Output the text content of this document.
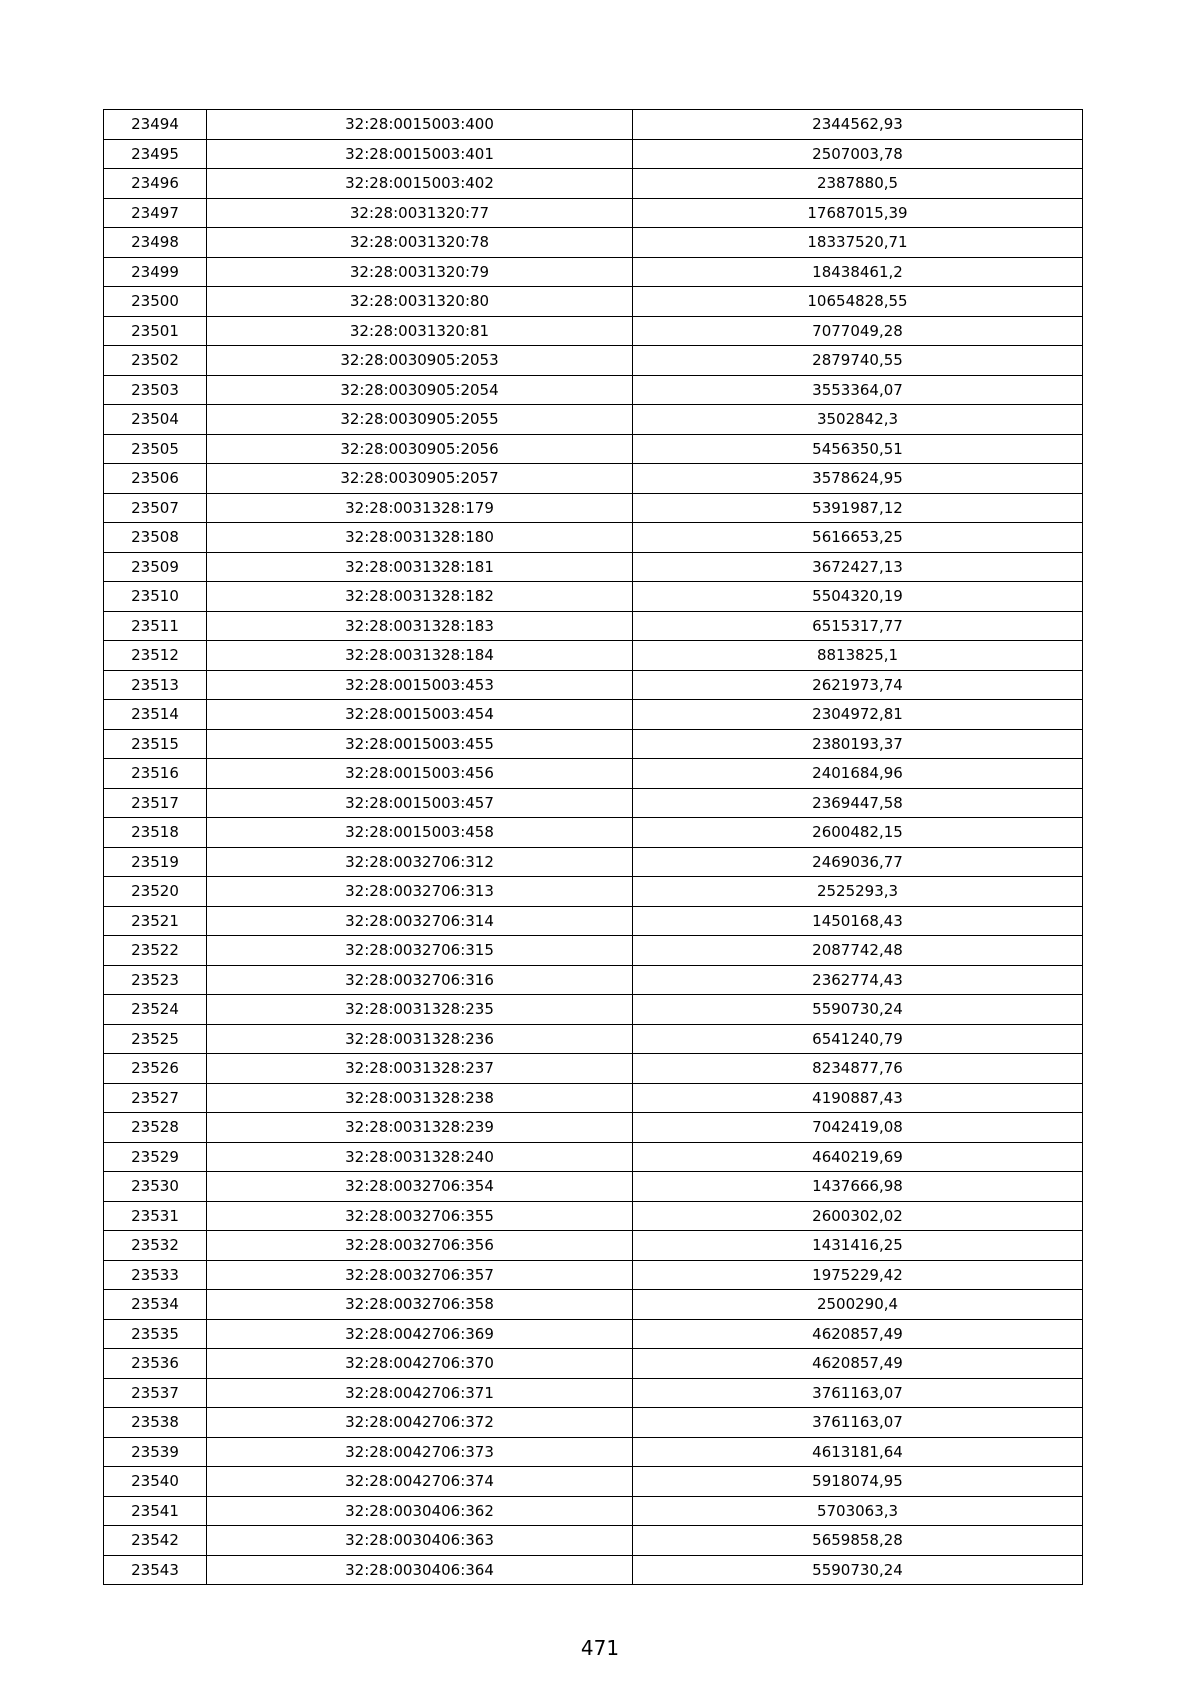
23494	32:28:0015003:400	2344562,93
23495	32:28:0015003:401	2507003,78
23496	32:28:0015003:402	2387880,5
23497	32:28:0031320:77	17687015,39
23498	32:28:0031320:78	18337520,71
23499	32:28:0031320:79	18438461,2
23500	32:28:0031320:80	10654828,55
23501	32:28:0031320:81	7077049,28
23502	32:28:0030905:2053	2879740,55
23503	32:28:0030905:2054	3553364,07
23504	32:28:0030905:2055	3502842,3
23505	32:28:0030905:2056	5456350,51
23506	32:28:0030905:2057	3578624,95
23507	32:28:0031328:179	5391987,12
23508	32:28:0031328:180	5616653,25
23509	32:28:0031328:181	3672427,13
23510	32:28:0031328:182	5504320,19
23511	32:28:0031328:183	6515317,77
23512	32:28:0031328:184	8813825,1
23513	32:28:0015003:453	2621973,74
23514	32:28:0015003:454	2304972,81
23515	32:28:0015003:455	2380193,37
23516	32:28:0015003:456	2401684,96
23517	32:28:0015003:457	2369447,58
23518	32:28:0015003:458	2600482,15
23519	32:28:0032706:312	2469036,77
23520	32:28:0032706:313	2525293,3
23521	32:28:0032706:314	1450168,43
23522	32:28:0032706:315	2087742,48
23523	32:28:0032706:316	2362774,43
23524	32:28:0031328:235	5590730,24
23525	32:28:0031328:236	6541240,79
23526	32:28:0031328:237	8234877,76
23527	32:28:0031328:238	4190887,43
23528	32:28:0031328:239	7042419,08
23529	32:28:0031328:240	4640219,69
23530	32:28:0032706:354	1437666,98
23531	32:28:0032706:355	2600302,02
23532	32:28:0032706:356	1431416,25
23533	32:28:0032706:357	1975229,42
23534	32:28:0032706:358	2500290,4
23535	32:28:0042706:369	4620857,49
23536	32:28:0042706:370	4620857,49
23537	32:28:0042706:371	3761163,07
23538	32:28:0042706:372	3761163,07
23539	32:28:0042706:373	4613181,64
23540	32:28:0042706:374	5918074,95
23541	32:28:0030406:362	5703063,3
23542	32:28:0030406:363	5659858,28
23543	32:28:0030406:364	5590730,24
471
